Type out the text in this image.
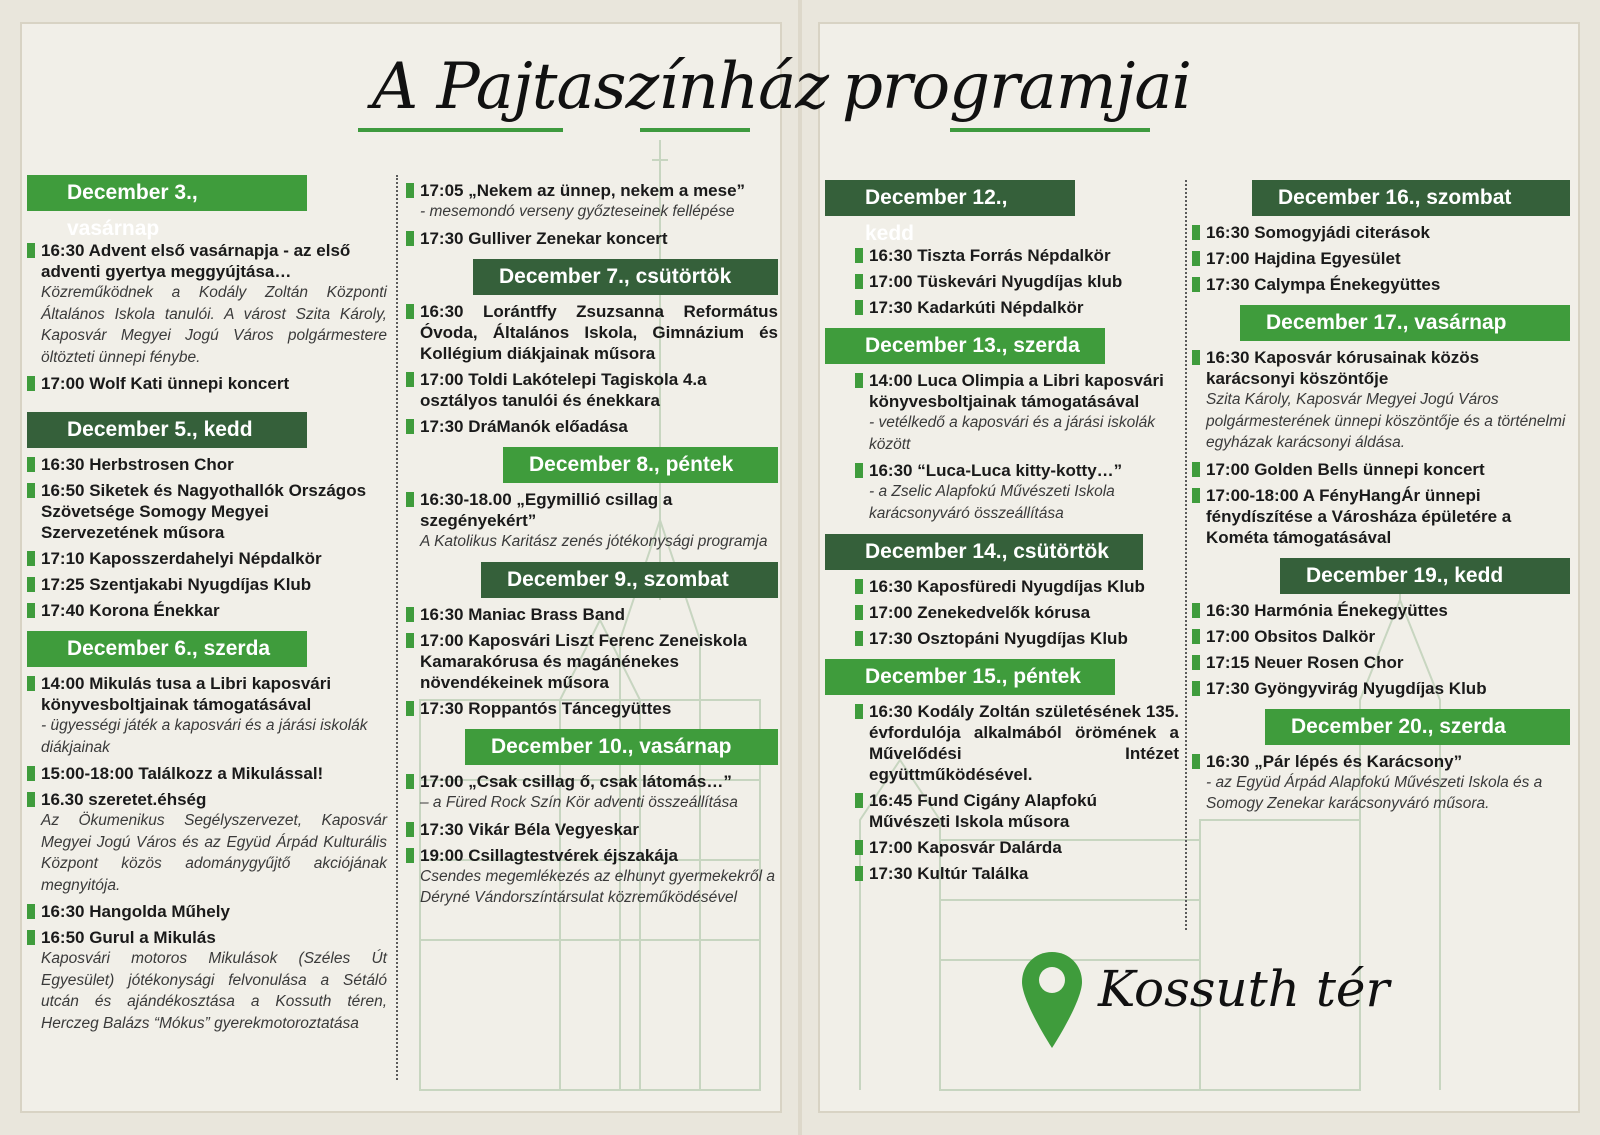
A Pajtaszínház programjai
December 3., vasárnap
16:30 Advent első vasárnapja - az első adventi gyertya meggyújtása…
Közreműködnek a Kodály Zoltán Központi Általános Iskola tanulói. A várost Szita Károly, Kaposvár Megyei Jogú Város polgármestere öltözteti ünnepi fénybe.
17:00 Wolf Kati ünnepi koncert
December 5., kedd
16:30 Herbstrosen Chor
16:50 Siketek és Nagyothallók Országos Szövetsége Somogy Megyei Szervezetének műsora
17:10 Kaposszerdahelyi Népdalkör
17:25 Szentjakabi Nyugdíjas Klub
17:40 Korona Énekkar
December 6., szerda
14:00 Mikulás tusa a Libri kaposvári könyvesboltjainak támogatásával
- ügyességi játék a kaposvári és a járási iskolák diákjainak
15:00-18:00 Találkozz a Mikulással!
16.30 szeretet.éhség
Az Ökumenikus Segélyszervezet, Kaposvár Megyei Jogú Város és az Együd Árpád Kulturális Központ közös adománygyűjtő akciójának megnyitója.
16:30 Hangolda Műhely
16:50 Gurul a Mikulás
Kaposvári motoros Mikulások (Széles Út Egyesület) jótékonysági felvonulása a Sétáló utcán és ajándékosztása a Kossuth téren, Herczeg Balázs “Mókus” gyerekmotoroztatása
17:05 „Nekem az ünnep, nekem a mese”
- mesemondó verseny győzteseinek fellépése
17:30 Gulliver Zenekar koncert
December 7., csütörtök
16:30 Lorántffy Zsuzsanna Református Óvoda, Általános Iskola, Gimnázium és Kollégium diákjainak műsora
17:00 Toldi Lakótelepi Tagiskola 4.a osztályos tanulói és énekkara
17:30 DráManók előadása
December 8., péntek
16:30-18.00 „Egymillió csillag a szegényekért”
A Katolikus Karitász zenés jótékonysági programja
December 9., szombat
16:30 Maniac Brass Band
17:00 Kaposvári Liszt Ferenc Zeneiskola Kamarakórusa és magánénekes növendékeinek műsora
17:30 Roppantós Táncegyüttes
December 10., vasárnap
17:00 „Csak csillag ő, csak látomás…”
– a Füred Rock Szín Kör adventi összeállítása
17:30 Vikár Béla Vegyeskar
19:00 Csillagtestvérek éjszakája
Csendes megemlékezés az elhunyt gyermekekről a Déryné Vándorszíntársulat közreműködésével
December 12., kedd
16:30 Tiszta Forrás Népdalkör
17:00 Tüskevári Nyugdíjas klub
17:30 Kadarkúti Népdalkör
December 13., szerda
14:00 Luca Olimpia a Libri kaposvári könyvesboltjainak támogatásával
- vetélkedő a kaposvári és a járási iskolák között
16:30 “Luca-Luca kitty-kotty…”
- a Zselic Alapfokú Művészeti Iskola karácsonyváró összeállítása
December 14., csütörtök
16:30 Kaposfüredi Nyugdíjas Klub
17:00 Zenekedvelők kórusa
17:30 Osztopáni Nyugdíjas Klub
December 15., péntek
16:30 Kodály Zoltán születésének 135. évfordulója alkalmából örömének a Művelődési Intézet együttműködésével.
16:45 Fund Cigány Alapfokú Művészeti Iskola műsora
17:00 Kaposvár Dalárda
17:30 Kultúr Találka
December 16., szombat
16:30 Somogyjádi citerások
17:00 Hajdina Egyesület
17:30 Calympa Énekegyüttes
December 17., vasárnap
16:30 Kaposvár kórusainak közös karácsonyi köszöntője
Szita Károly, Kaposvár Megyei Jogú Város polgármesterének ünnepi köszöntője és a történelmi egyházak karácsonyi áldása.
17:00 Golden Bells ünnepi koncert
17:00-18:00 A FényHangÁr ünnepi fénydíszítése a Városháza épületére a Kométa támogatásával
December 19., kedd
16:30 Harmónia Énekegyüttes
17:00 Obsitos Dalkör
17:15 Neuer Rosen Chor
17:30 Gyöngyvirág Nyugdíjas Klub
December 20., szerda
16:30 „Pár lépés és Karácsony”
- az Együd Árpád Alapfokú Művészeti Iskola és a Somogy Zenekar karácsonyváró műsora.
Kossuth tér
